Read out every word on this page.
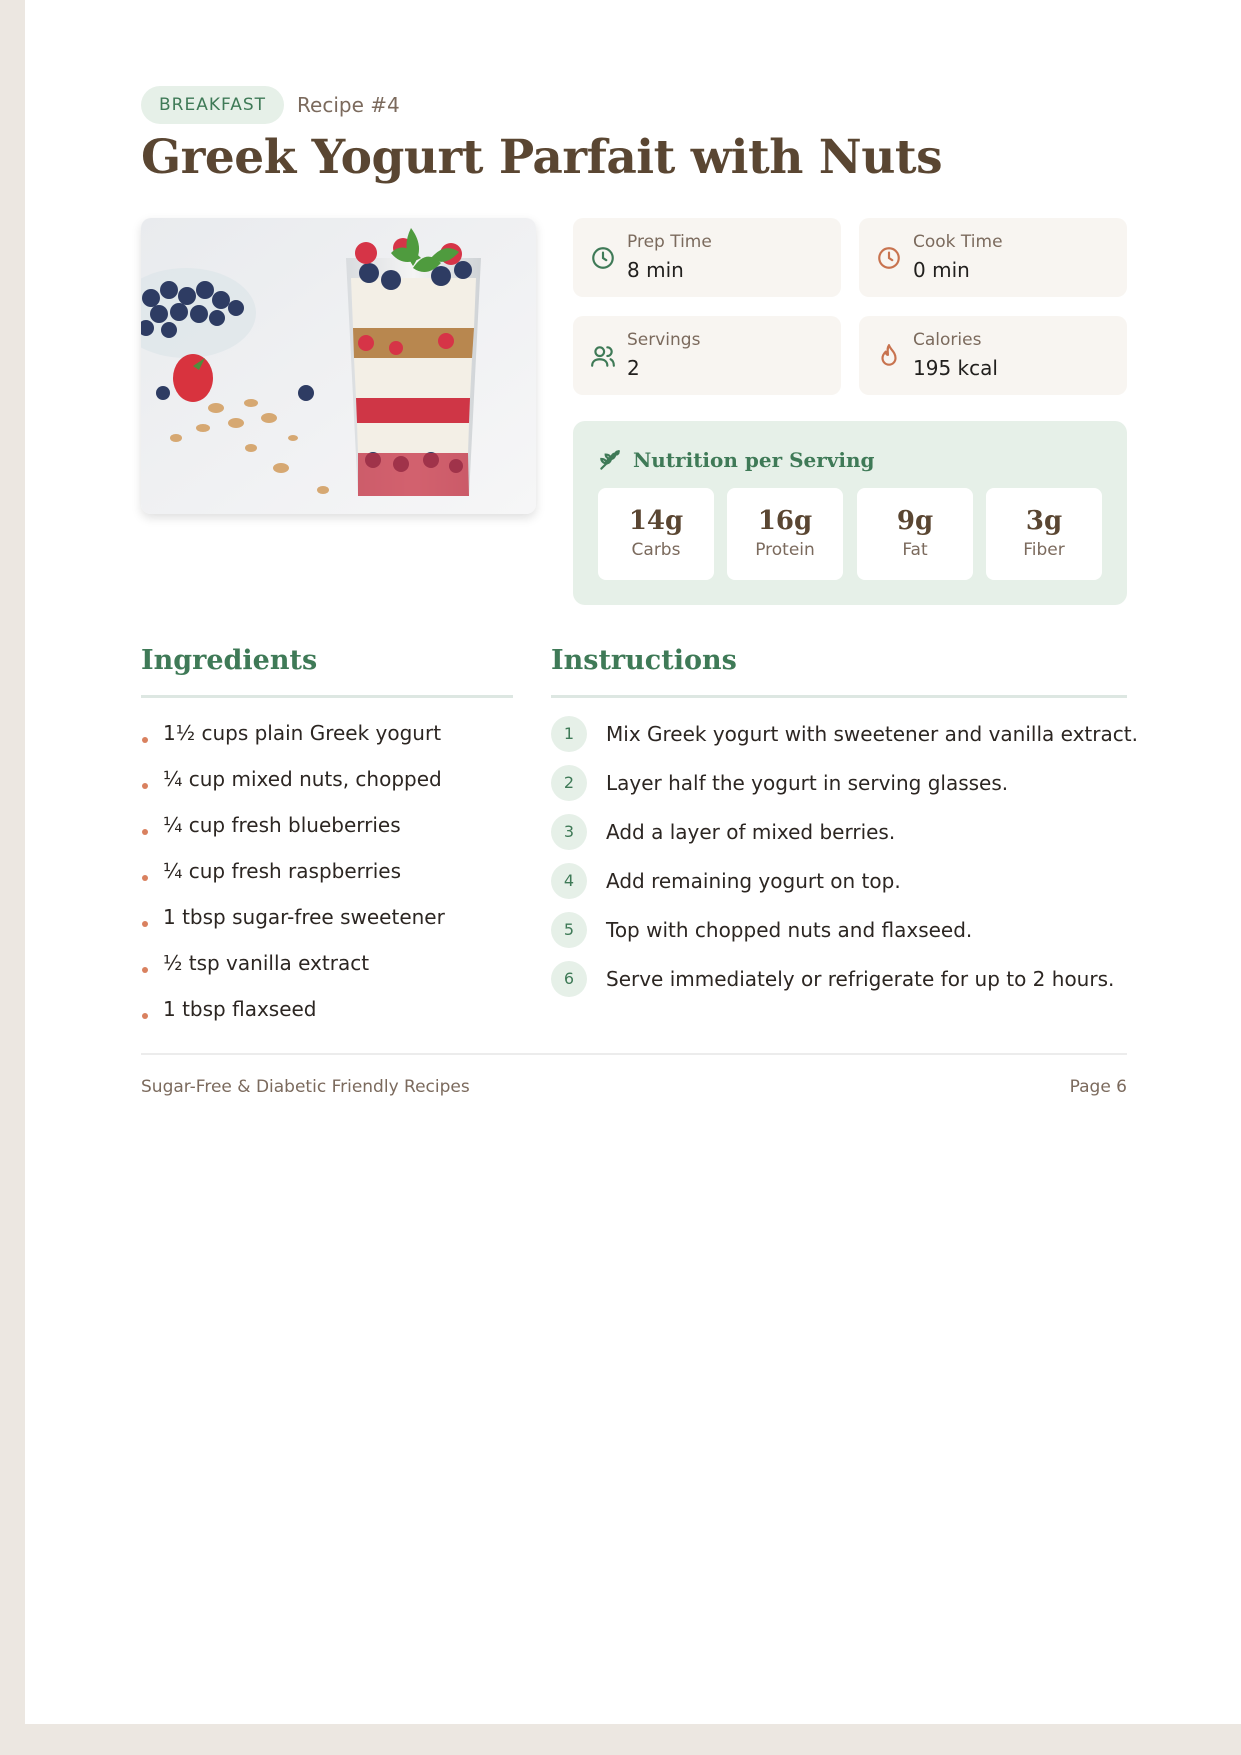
BREAKFAST	Recipe #4
Greek Yogurt Parfait with Nuts
Prep Time
8 min
Cook Time
0 min
Servings
2
Calories
195 kcal
Nutrition per Serving
14g
Carbs
16g
Protein
9g
Fat
3g
Fiber
Ingredients
1½ cups plain Greek yogurt
¼ cup mixed nuts, chopped
¼ cup fresh blueberries
¼ cup fresh raspberries
1 tbsp sugar-free sweetener
½ tsp vanilla extract
1 tbsp flaxseed
Instructions
1	Mix Greek yogurt with sweetener and vanilla extract.
2	Layer half the yogurt in serving glasses.
3	Add a layer of mixed berries.
4	Add remaining yogurt on top.
5	Top with chopped nuts and flaxseed.
6	Serve immediately or refrigerate for up to 2 hours.
Sugar-Free & Diabetic Friendly Recipes	Page 6
